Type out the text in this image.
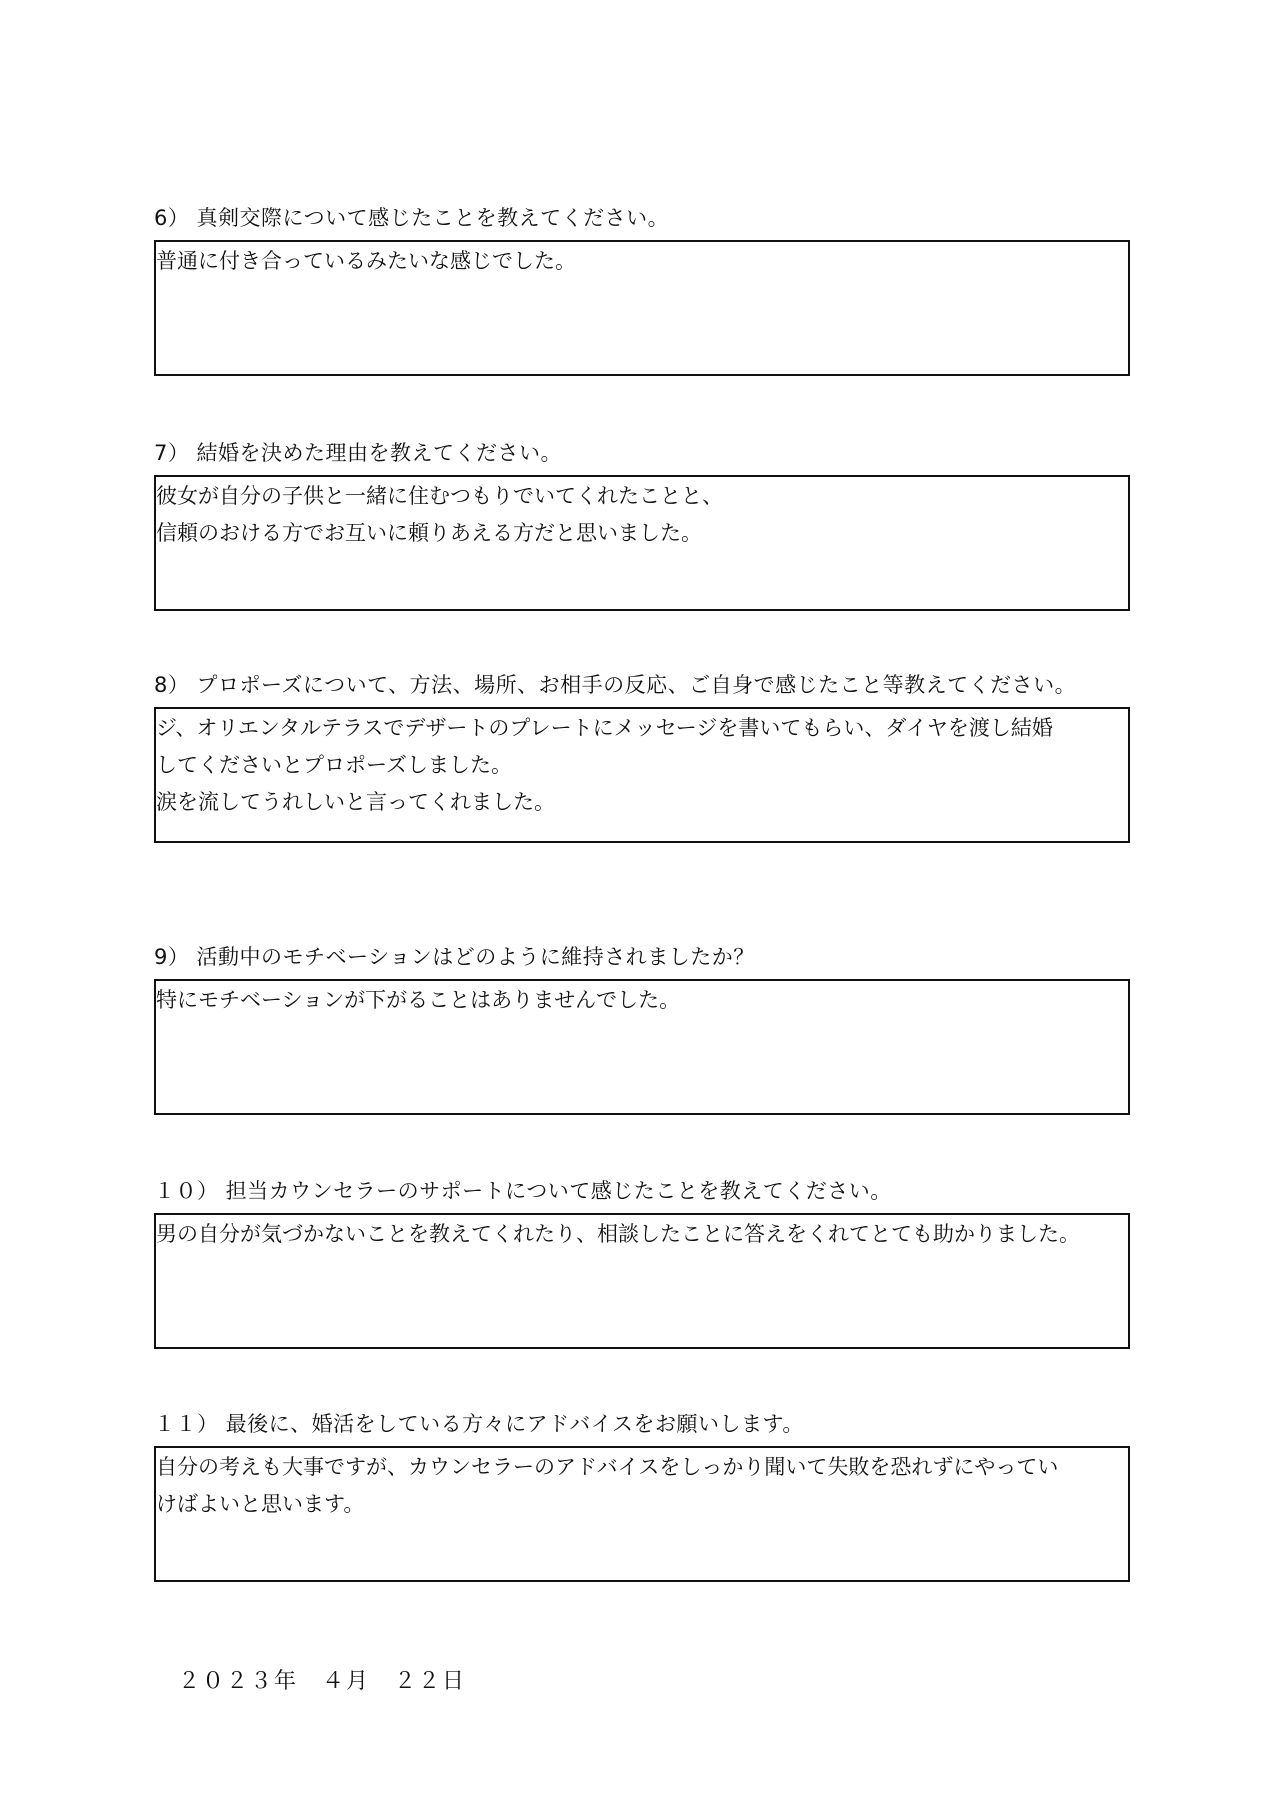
6） 真剣交際について感じたことを教えてください。
普通に付き合っているみたいな感じでした。
7） 結婚を決めた理由を教えてください。
彼女が自分の子供と一緒に住むつもりでいてくれたことと、
信頼のおける方でお互いに頼りあえる方だと思いました。
8） プロポーズについて、方法、場所、お相手の反応、ご自身で感じたこと等教えてください。
ジ、オリエンタルテラスでデザートのプレートにメッセージを書いてもらい、ダイヤを渡し結婚
してくださいとプロポーズしました。
涙を流してうれしいと言ってくれました。
9） 活動中のモチベーションはどのように維持されましたか？
特にモチベーションが下がることはありませんでした。
１０） 担当カウンセラーのサポートについて感じたことを教えてください。
男の自分が気づかないことを教えてくれたり、相談したことに答えをくれてとても助かりました。
１１） 最後に、婚活をしている方々にアドバイスをお願いします。
自分の考えも大事ですが、カウンセラーのアドバイスをしっかり聞いて失敗を恐れずにやってい
けばよいと思います。
２０２３年　４月　２２日
